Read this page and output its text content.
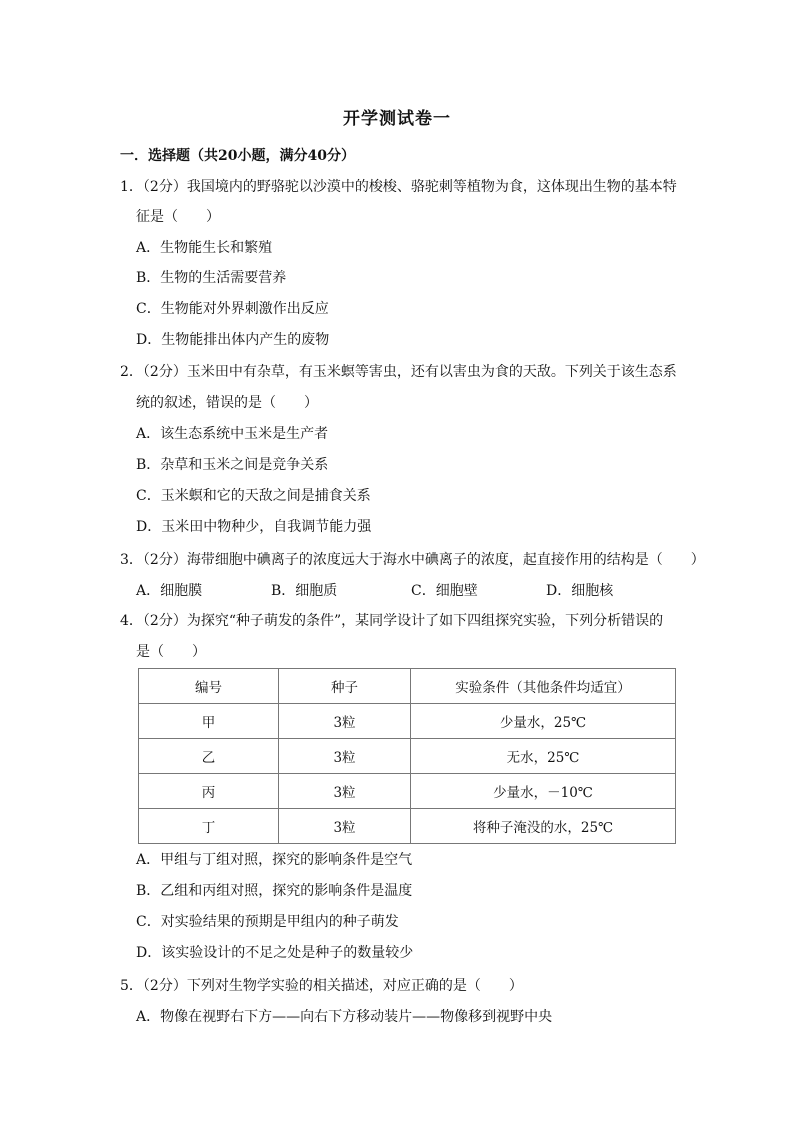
开学测试卷一
一．选择题（共20小题，满分40分）
1．（2分）我国境内的野骆驼以沙漠中的梭梭、骆驼刺等植物为食，这体现出生物的基本特
征是（　　）
A．生物能生长和繁殖
B．生物的生活需要营养
C．生物能对外界刺激作出反应
D．生物能排出体内产生的废物
2．（2分）玉米田中有杂草，有玉米螟等害虫，还有以害虫为食的天敌。下列关于该生态系
统的叙述，错误的是（　　）
A．该生态系统中玉米是生产者
B．杂草和玉米之间是竞争关系
C．玉米螟和它的天敌之间是捕食关系
D．玉米田中物种少，自我调节能力强
3．（2分）海带细胞中碘离子的浓度远大于海水中碘离子的浓度，起直接作用的结构是（　　）
A．细胞膜	B．细胞质	C．细胞壁	D．细胞核
4．（2分）为探究“种子萌发的条件”，某同学设计了如下四组探究实验，下列分析错误的
是（　　）
编号	种子	实验条件（其他条件均适宜）
甲	3粒	少量水，25℃
乙	3粒	无水，25℃
丙	3粒	少量水，－10℃
丁	3粒	将种子淹没的水，25℃
A．甲组与丁组对照，探究的影响条件是空气
B．乙组和丙组对照，探究的影响条件是温度
C．对实验结果的预期是甲组内的种子萌发
D．该实验设计的不足之处是种子的数量较少
5．（2分）下列对生物学实验的相关描述，对应正确的是（　　）
A．物像在视野右下方——向右下方移动装片——物像移到视野中央
